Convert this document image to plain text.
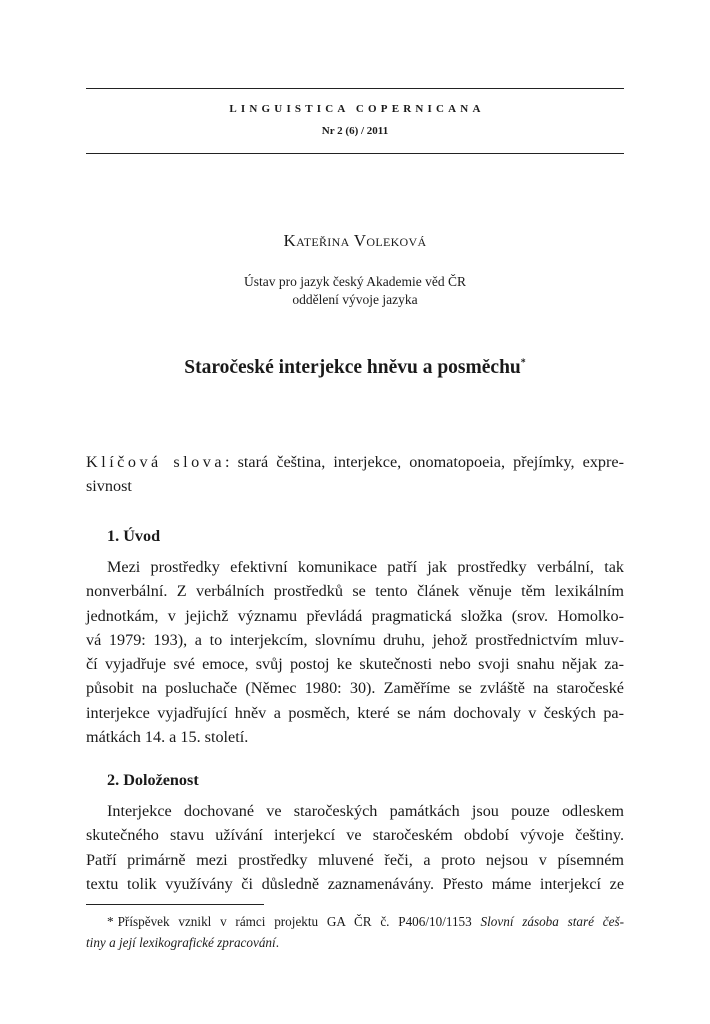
LINGUISTICA COPERNICANA
Nr 2 (6) / 2011
Kateřina Voleková
Ústav pro jazyk český Akademie věd ČR
oddělení vývoje jazyka
Staročeské interjekce hněvu a posměchu*
Klíčová slova: stará čeština, interjekce, onomatopoeia, přejímky, expre-
sivnost
1. Úvod
Mezi prostředky efektivní komunikace patří jak prostředky verbální, tak
nonverbální. Z verbálních prostředků se tento článek věnuje těm lexikálním
jednotkám, v jejichž významu převládá pragmatická složka (srov. Homolko-
vá 1979: 193), a to interjekcím, slovnímu druhu, jehož prostřednictvím mluv-
čí vyjadřuje své emoce, svůj postoj ke skutečnosti nebo svoji snahu nějak za-
působit na posluchače (Němec 1980: 30). Zaměříme se zvláště na staročeské
interjekce vyjadřující hněv a posměch, které se nám dochovaly v českých pa-
mátkách 14. a 15. století.
2. Doloženost
Interjekce dochované ve staročeských památkách jsou pouze odleskem
skutečného stavu užívání interjekcí ve staročeském období vývoje češtiny.
Patří primárně mezi prostředky mluvené řeči, a proto nejsou v písemném
textu tolik využívány či důsledně zaznamenávány. Přesto máme interjekcí ze
* Příspěvek vznikl v rámci projektu GA ČR č. P406/10/1153 Slovní zásoba staré češ-
tiny a její lexikografické zpracování.
